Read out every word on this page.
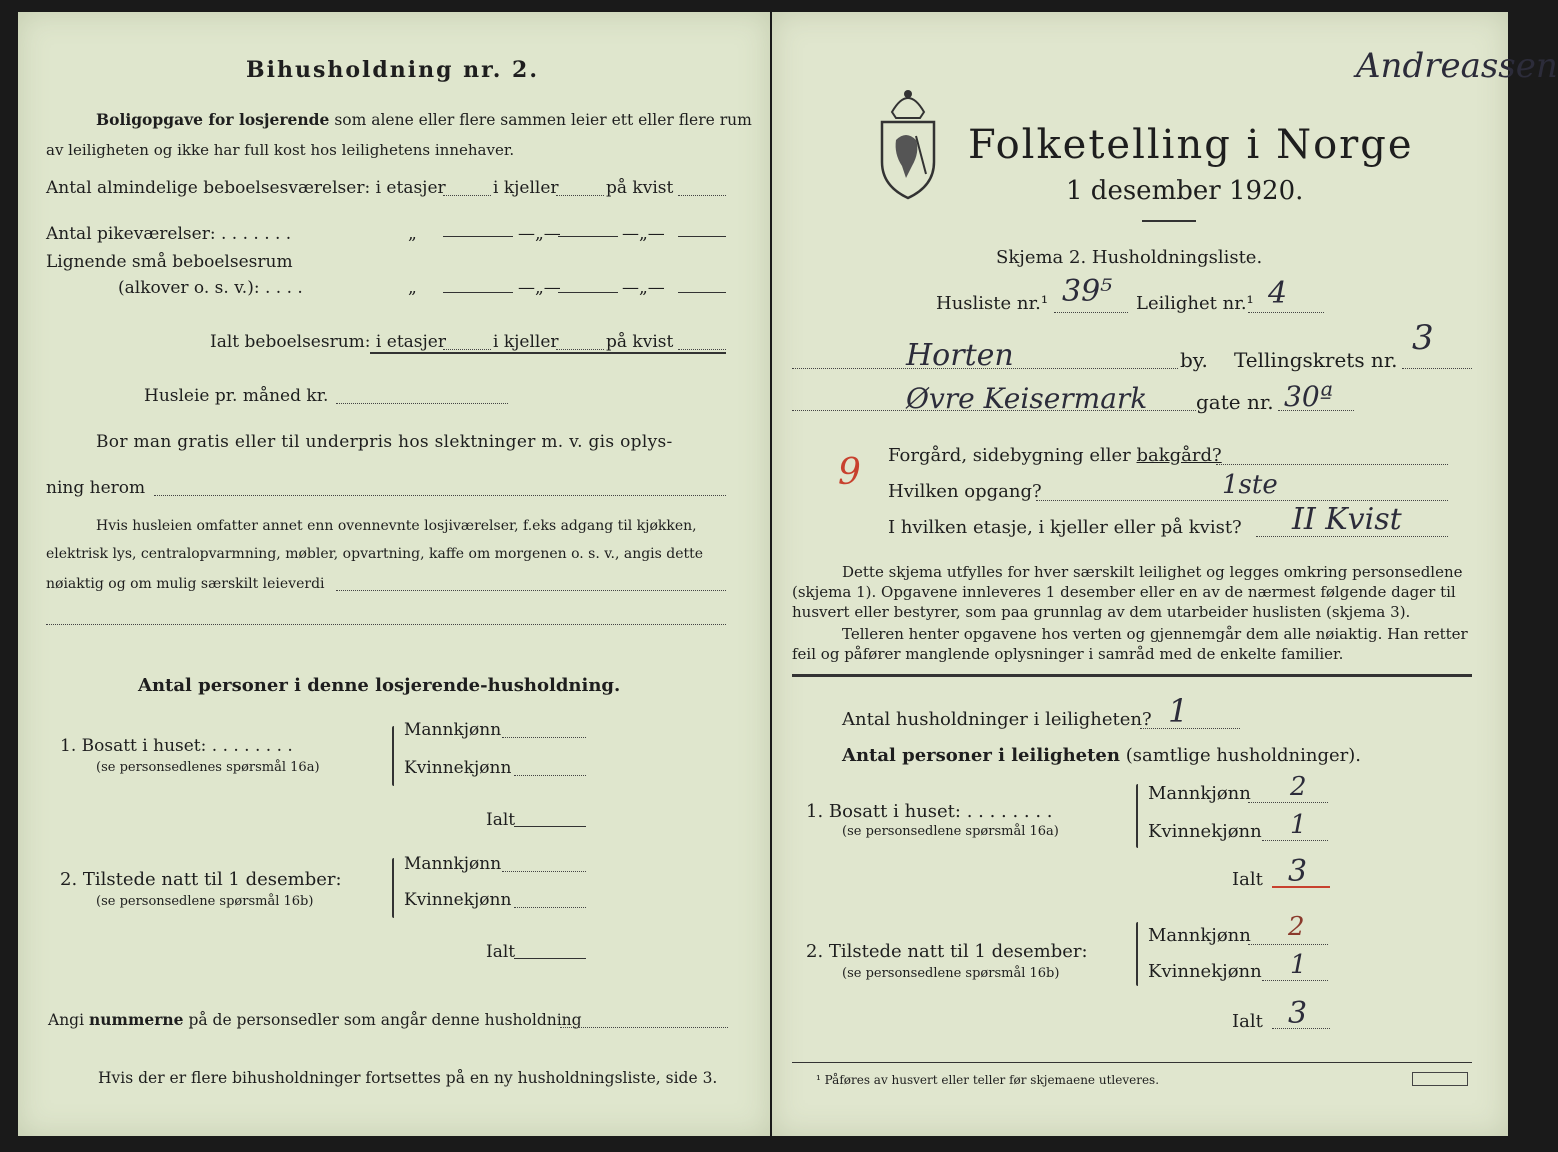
Bihusholdning nr. 2.
Boligopgave for losjerende som alene eller flere sammen leier ett eller flere rum
av leiligheten og ikke har full kost hos leilighetens innehaver.
Antal almindelige beboelsesværelser: i etasjer	i kjeller	på kvist
Antal pikeværelser: . . . . . . .	„	—„—	—„—
Lignende små beboelsesrum
(alkover o. s. v.): . . . .	„	—„—	—„—
Ialt beboelsesrum: i etasjer	i kjeller	på kvist
Husleie pr. måned kr.
Bor man gratis eller til underpris hos slektninger m. v. gis oplys-
ning herom
Hvis husleien omfatter annet enn ovennevnte losjiværelser, f.eks adgang til kjøkken,
elektrisk lys, centralopvarmning, møbler, opvartning, kaffe om morgenen o. s. v., angis dette
nøiaktig og om mulig særskilt leieverdi
Antal personer i denne losjerende-husholdning.
1. Bosatt i huset: . . . . . . . .
(se personsedlenes spørsmål 16a)
Mannkjønn
Kvinnekjønn
Ialt
2. Tilstede natt til 1 desember:
(se personsedlene spørsmål 16b)
Mannkjønn
Kvinnekjønn
Ialt
Angi nummerne på de personsedler som angår denne husholdning
Hvis der er flere bihusholdninger fortsettes på en ny husholdningsliste, side 3.
Andreassen
Folketelling i Norge
1 desember 1920.
Skjema 2. Husholdningsliste.
Husliste nr.¹ 39⁵ Leilighet nr.¹ 4
Horten	by. Tellingskrets nr.
3
Øvre Keisermark gate nr. 30ª
9 Forgård, sidebygning eller bakgård?
Hvilken opgang?	1ste
I hvilken etasje, i kjeller eller på kvist? II Kvist
Dette skjema utfylles for hver særskilt leilighet og legges omkring personsedlene
(skjema 1). Opgavene innleveres 1 desember eller en av de nærmest følgende dager til
husvert eller bestyrer, som paa grunnlag av dem utarbeider huslisten (skjema 3).
Telleren henter opgavene hos verten og gjennemgår dem alle nøiaktig. Han retter
feil og påfører manglende oplysninger i samråd med de enkelte familier.
Antal husholdninger i leiligheten? 1
Antal personer i leiligheten (samtlige husholdninger).
1. Bosatt i huset: . . . . . . . .
(se personsedlene spørsmål 16a)
Mannkjønn 2
Kvinnekjønn 1
Ialt 3
2. Tilstede natt til 1 desember:
(se personsedlene spørsmål 16b)
Mannkjønn 2
Kvinnekjønn 1
Ialt 3
¹ Påføres av husvert eller teller før skjemaene utleveres.
